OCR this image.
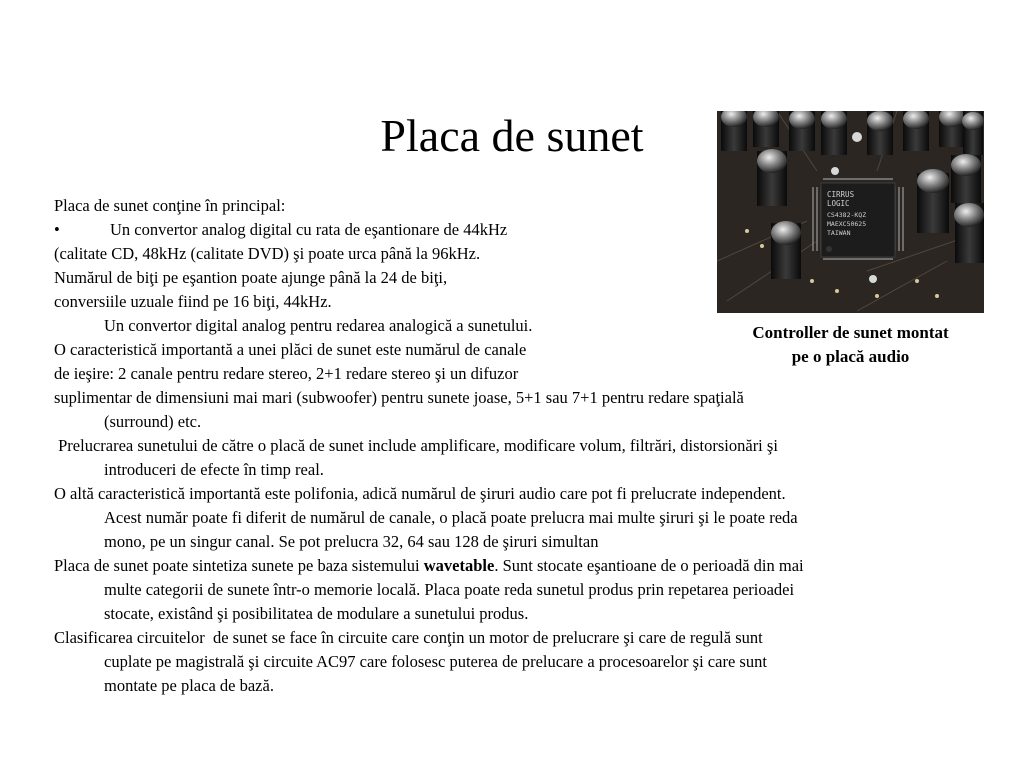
Placa de sunet
CIRRUS
LOGIC
CS4382-KQZ
MAEXC50625
TAIWAN
Controller de sunet montat
pe o placă audio
Placa de sunet conţine în principal:
•	Un convertor analog digital cu rata de eşantionare de 44kHz
(calitate CD, 48kHz (calitate DVD) şi poate urca până la 96kHz.
Numărul de biţi pe eşantion poate ajunge până la 24 de biţi,
conversiile uzuale fiind pe 16 biţi, 44kHz.
Un convertor digital analog pentru redarea analogică a sunetului.
O caracteristică importantă a unei plăci de sunet este numărul de canale
de ieşire: 2 canale pentru redare stereo, 2+1 redare stereo şi un difuzor
suplimentar de dimensiuni mai mari (subwoofer) pentru sunete joase, 5+1 sau 7+1 pentru redare spaţială
(surround) etc.
Prelucrarea sunetului de către o placă de sunet include amplificare, modificare volum, filtrări, distorsionări şi
introduceri de efecte în timp real.
O altă caracteristică importantă este polifonia, adică numărul de şiruri audio care pot fi prelucrate independent.
Acest număr poate fi diferit de numărul de canale, o placă poate prelucra mai multe şiruri şi le poate reda
mono, pe un singur canal. Se pot prelucra 32, 64 sau 128 de şiruri simultan
Placa de sunet poate sintetiza sunete pe baza sistemului wavetable. Sunt stocate eşantioane de o perioadă din mai
multe categorii de sunete într-o memorie locală. Placa poate reda sunetul produs prin repetarea perioadei
stocate, existând şi posibilitatea de modulare a sunetului produs.
Clasificarea circuitelor  de sunet se face în circuite care conţin un motor de prelucrare şi care de regulă sunt
cuplate pe magistrală şi circuite AC97 care folosesc puterea de prelucare a procesoarelor şi care sunt
montate pe placa de bază.
